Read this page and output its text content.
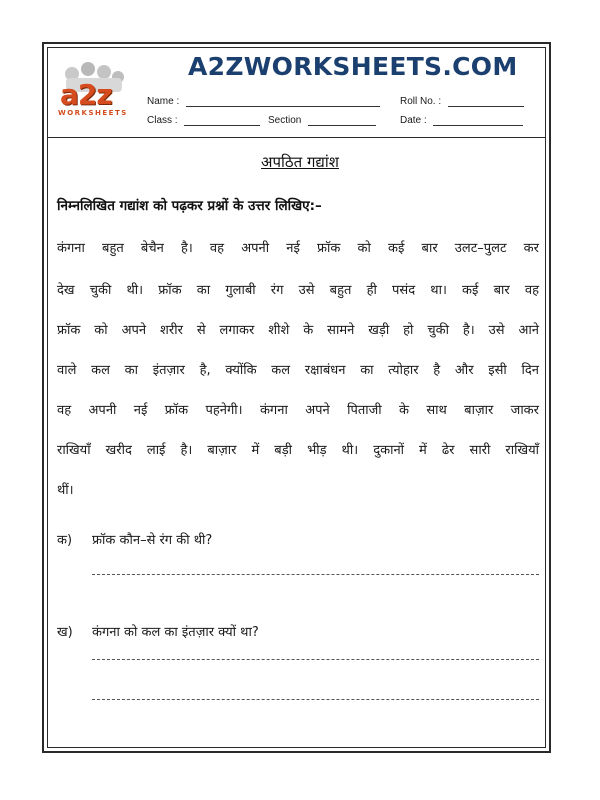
a2z
WORKSHEETS
A2ZWORKSHEETS.COM
Name :	Roll No. :
Class :	Section	Date :
अपठित गद्यांश
निम्नलिखित गद्यांश को पढ़कर प्रश्नों के उत्तर लिखिए:–
कंगना बहुत बेचैन है। वह अपनी नई फ्रॉक को कई बार उलट–पुलट कर
देख चुकी थी। फ्रॉक का गुलाबी रंग उसे बहुत ही पसंद था। कई बार वह
फ्रॉक को अपने शरीर से लगाकर शीशे के सामने खड़ी हो चुकी है। उसे आने
वाले कल का इंतज़ार है, क्योंकि कल रक्षाबंधन का त्योहार है और इसी दिन
वह अपनी नई फ्रॉक पहनेगी। कंगना अपने पिताजी के साथ बाज़ार जाकर
राखियाँ खरीद लाई है। बाज़ार में बड़ी भीड़ थी। दुकानों में ढेर सारी राखियाँ
थीं।
क) फ्रॉक कौन–से रंग की थी?
ख) कंगना को कल का इंतज़ार क्यों था?
